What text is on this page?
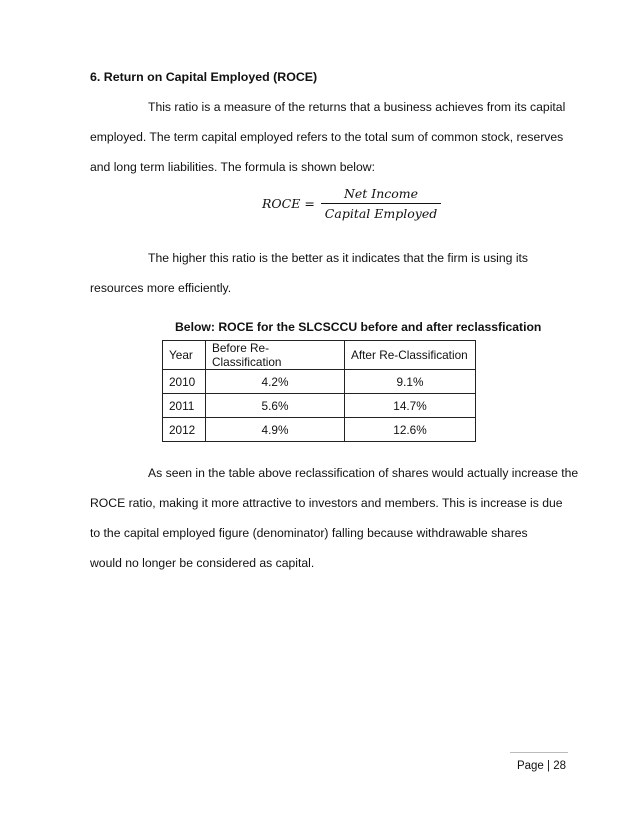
6. Return on Capital Employed (ROCE)
This ratio is a measure of the returns that a business achieves from its capital
employed. The term capital employed refers to the total sum of common stock, reserves
and long term liabilities. The formula is shown below:
ROCE = $\frac{\text{Net Income}}{\text{Capital Employed}}$
The higher this ratio is the better as it indicates that the firm is using its
resources more efficiently.
Below: ROCE for the SLCSCCU before and after reclassfication
Year	Before Re-Classification	After Re-Classification
2010	4.2%	9.1%
2011	5.6%	14.7%
2012	4.9%	12.6%
As seen in the table above reclassification of shares would actually increase the
ROCE ratio, making it more attractive to investors and members. This is increase is due
to the capital employed figure (denominator) falling because withdrawable shares
would no longer be considered as capital.
Page | 28
